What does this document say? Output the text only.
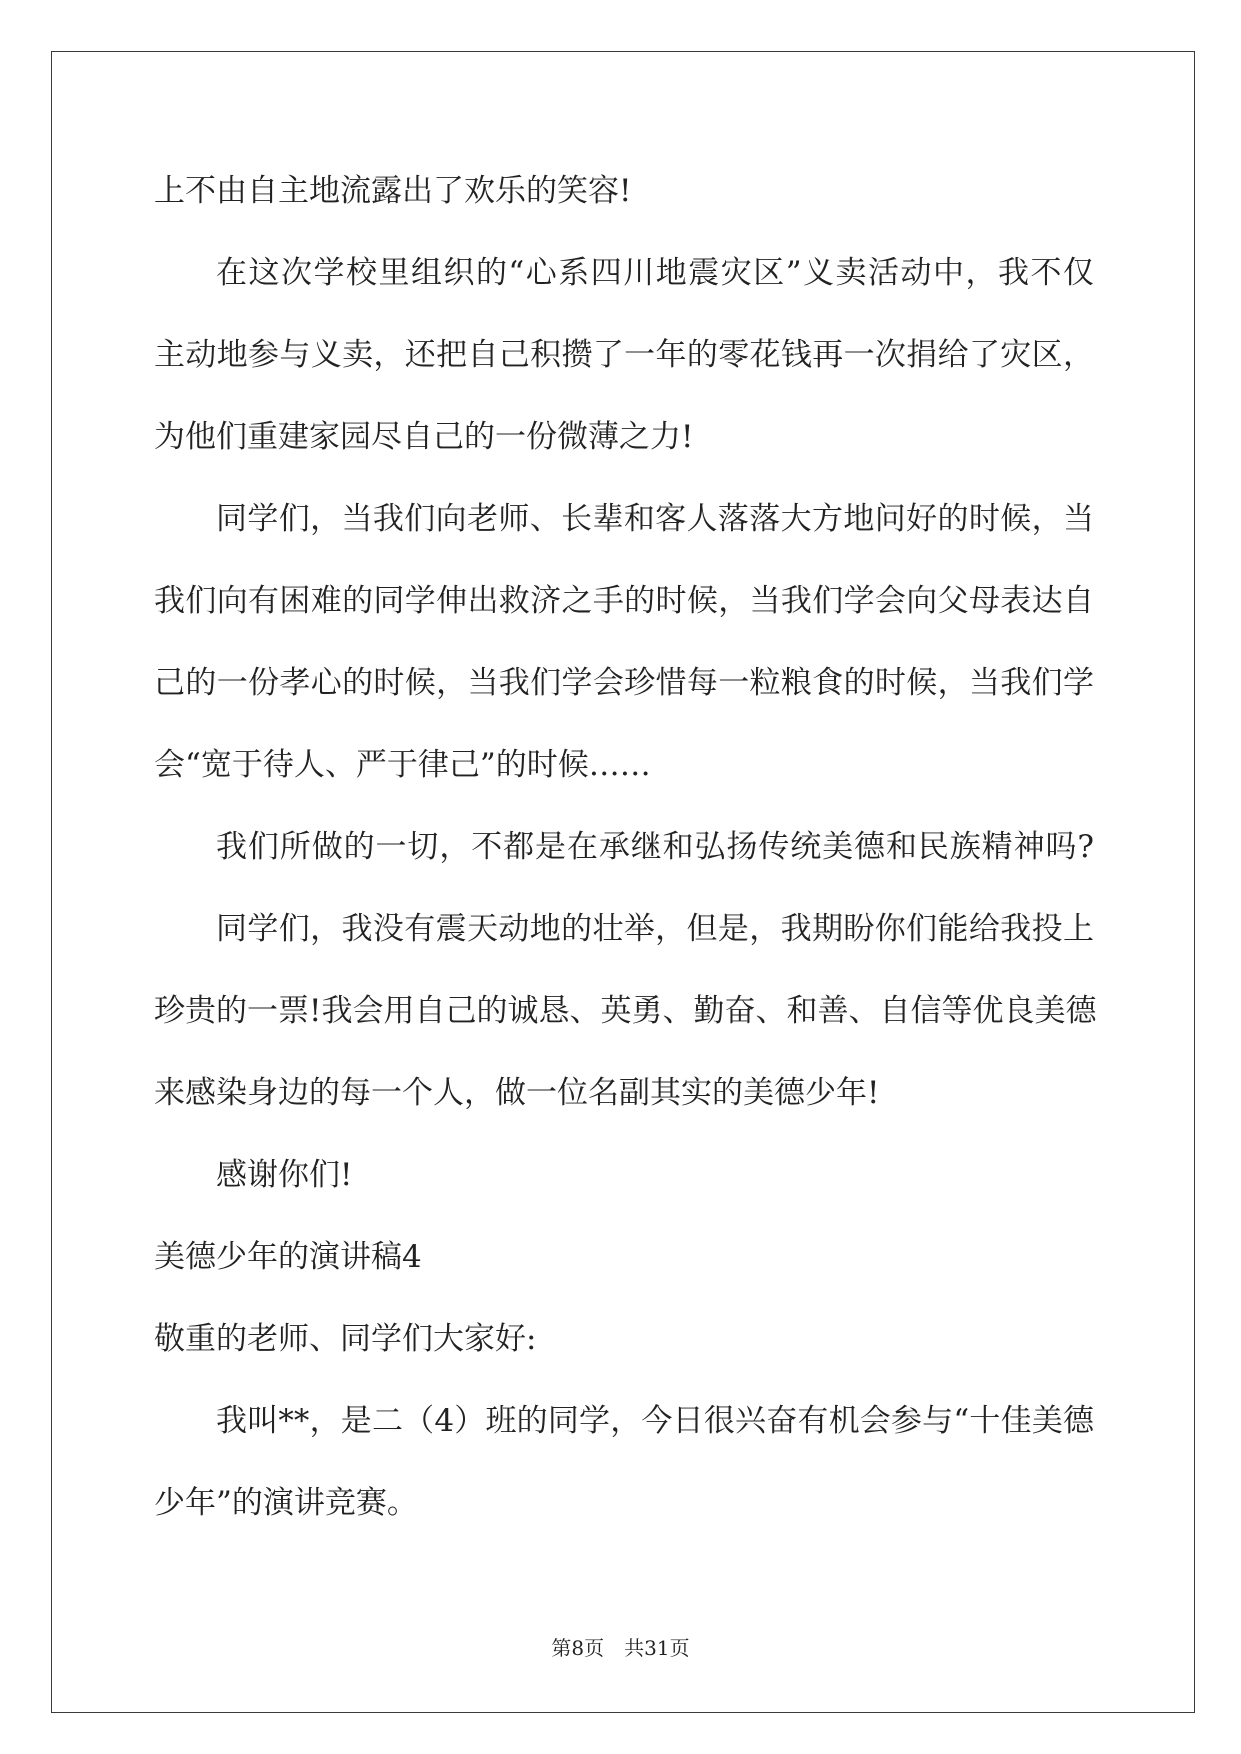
上不由自主地流露出了欢乐的笑容!
在这次学校里组织的“心系四川地震灾区”义卖活动中，我不仅
主动地参与义卖，还把自己积攒了一年的零花钱再一次捐给了灾区，
为他们重建家园尽自己的一份微薄之力!
同学们，当我们向老师、长辈和客人落落大方地问好的时候，当
我们向有困难的同学伸出救济之手的时候，当我们学会向父母表达自
己的一份孝心的时候，当我们学会珍惜每一粒粮食的时候，当我们学
会“宽于待人、严于律己”的时候……
我们所做的一切，不都是在承继和弘扬传统美德和民族精神吗?
同学们，我没有震天动地的壮举，但是，我期盼你们能给我投上
珍贵的一票!我会用自己的诚恳、英勇、勤奋、和善、自信等优良美德
来感染身边的每一个人，做一位名副其实的美德少年!
感谢你们!
美德少年的演讲稿4
敬重的老师、同学们大家好:
我叫**，是二（4）班的同学，今日很兴奋有机会参与“十佳美德
少年”的演讲竞赛。
第8页 共31页
